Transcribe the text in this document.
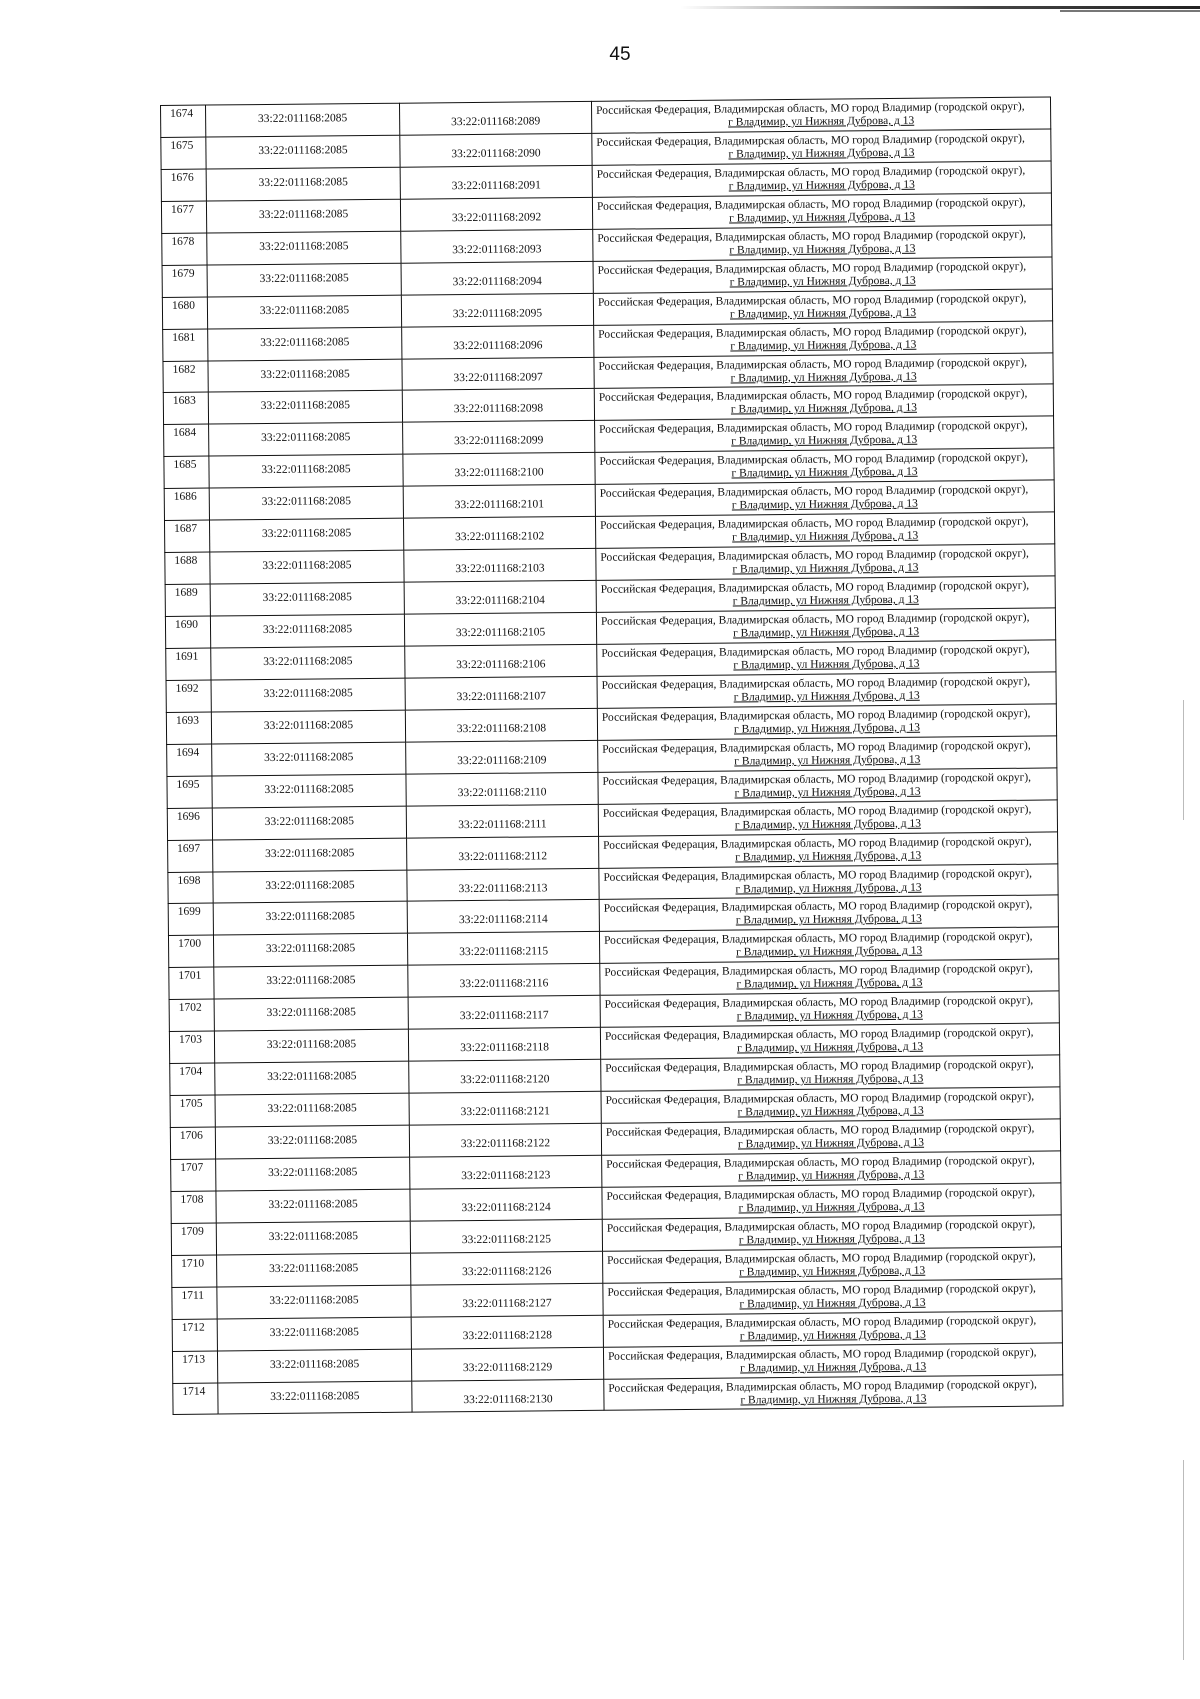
45
1674	33:22:011168:2085	33:22:011168:2089	Российская Федерация, Владимирская область, МО город Владимир (городской округ),
г Владимир, ул Нижняя Дуброва, д 13

1675	33:22:011168:2085	33:22:011168:2090	Российская Федерация, Владимирская область, МО город Владимир (городской округ),
г Владимир, ул Нижняя Дуброва, д 13

1676	33:22:011168:2085	33:22:011168:2091	Российская Федерация, Владимирская область, МО город Владимир (городской округ),
г Владимир, ул Нижняя Дуброва, д 13

1677	33:22:011168:2085	33:22:011168:2092	Российская Федерация, Владимирская область, МО город Владимир (городской округ),
г Владимир, ул Нижняя Дуброва, д 13

1678	33:22:011168:2085	33:22:011168:2093	Российская Федерация, Владимирская область, МО город Владимир (городской округ),
г Владимир, ул Нижняя Дуброва, д 13

1679	33:22:011168:2085	33:22:011168:2094	Российская Федерация, Владимирская область, МО город Владимир (городской округ),
г Владимир, ул Нижняя Дуброва, д 13

1680	33:22:011168:2085	33:22:011168:2095	Российская Федерация, Владимирская область, МО город Владимир (городской округ),
г Владимир, ул Нижняя Дуброва, д 13

1681	33:22:011168:2085	33:22:011168:2096	Российская Федерация, Владимирская область, МО город Владимир (городской округ),
г Владимир, ул Нижняя Дуброва, д 13

1682	33:22:011168:2085	33:22:011168:2097	Российская Федерация, Владимирская область, МО город Владимир (городской округ),
г Владимир, ул Нижняя Дуброва, д 13

1683	33:22:011168:2085	33:22:011168:2098	Российская Федерация, Владимирская область, МО город Владимир (городской округ),
г Владимир, ул Нижняя Дуброва, д 13

1684	33:22:011168:2085	33:22:011168:2099	Российская Федерация, Владимирская область, МО город Владимир (городской округ),
г Владимир, ул Нижняя Дуброва, д 13

1685	33:22:011168:2085	33:22:011168:2100	Российская Федерация, Владимирская область, МО город Владимир (городской округ),
г Владимир, ул Нижняя Дуброва, д 13

1686	33:22:011168:2085	33:22:011168:2101	Российская Федерация, Владимирская область, МО город Владимир (городской округ),
г Владимир, ул Нижняя Дуброва, д 13

1687	33:22:011168:2085	33:22:011168:2102	Российская Федерация, Владимирская область, МО город Владимир (городской округ),
г Владимир, ул Нижняя Дуброва, д 13

1688	33:22:011168:2085	33:22:011168:2103	Российская Федерация, Владимирская область, МО город Владимир (городской округ),
г Владимир, ул Нижняя Дуброва, д 13

1689	33:22:011168:2085	33:22:011168:2104	Российская Федерация, Владимирская область, МО город Владимир (городской округ),
г Владимир, ул Нижняя Дуброва, д 13

1690	33:22:011168:2085	33:22:011168:2105	Российская Федерация, Владимирская область, МО город Владимир (городской округ),
г Владимир, ул Нижняя Дуброва, д 13

1691	33:22:011168:2085	33:22:011168:2106	Российская Федерация, Владимирская область, МО город Владимир (городской округ),
г Владимир, ул Нижняя Дуброва, д 13

1692	33:22:011168:2085	33:22:011168:2107	Российская Федерация, Владимирская область, МО город Владимир (городской округ),
г Владимир, ул Нижняя Дуброва, д 13

1693	33:22:011168:2085	33:22:011168:2108	Российская Федерация, Владимирская область, МО город Владимир (городской округ),
г Владимир, ул Нижняя Дуброва, д 13

1694	33:22:011168:2085	33:22:011168:2109	Российская Федерация, Владимирская область, МО город Владимир (городской округ),
г Владимир, ул Нижняя Дуброва, д 13

1695	33:22:011168:2085	33:22:011168:2110	Российская Федерация, Владимирская область, МО город Владимир (городской округ),
г Владимир, ул Нижняя Дуброва, д 13

1696	33:22:011168:2085	33:22:011168:2111	Российская Федерация, Владимирская область, МО город Владимир (городской округ),
г Владимир, ул Нижняя Дуброва, д 13

1697	33:22:011168:2085	33:22:011168:2112	Российская Федерация, Владимирская область, МО город Владимир (городской округ),
г Владимир, ул Нижняя Дуброва, д 13

1698	33:22:011168:2085	33:22:011168:2113	Российская Федерация, Владимирская область, МО город Владимир (городской округ),
г Владимир, ул Нижняя Дуброва, д 13

1699	33:22:011168:2085	33:22:011168:2114	Российская Федерация, Владимирская область, МО город Владимир (городской округ),
г Владимир, ул Нижняя Дуброва, д 13

1700	33:22:011168:2085	33:22:011168:2115	Российская Федерация, Владимирская область, МО город Владимир (городской округ),
г Владимир, ул Нижняя Дуброва, д 13

1701	33:22:011168:2085	33:22:011168:2116	Российская Федерация, Владимирская область, МО город Владимир (городской округ),
г Владимир, ул Нижняя Дуброва, д 13

1702	33:22:011168:2085	33:22:011168:2117	Российская Федерация, Владимирская область, МО город Владимир (городской округ),
г Владимир, ул Нижняя Дуброва, д 13

1703	33:22:011168:2085	33:22:011168:2118	Российская Федерация, Владимирская область, МО город Владимир (городской округ),
г Владимир, ул Нижняя Дуброва, д 13

1704	33:22:011168:2085	33:22:011168:2120	Российская Федерация, Владимирская область, МО город Владимир (городской округ),
г Владимир, ул Нижняя Дуброва, д 13

1705	33:22:011168:2085	33:22:011168:2121	Российская Федерация, Владимирская область, МО город Владимир (городской округ),
г Владимир, ул Нижняя Дуброва, д 13

1706	33:22:011168:2085	33:22:011168:2122	Российская Федерация, Владимирская область, МО город Владимир (городской округ),
г Владимир, ул Нижняя Дуброва, д 13

1707	33:22:011168:2085	33:22:011168:2123	Российская Федерация, Владимирская область, МО город Владимир (городской округ),
г Владимир, ул Нижняя Дуброва, д 13

1708	33:22:011168:2085	33:22:011168:2124	Российская Федерация, Владимирская область, МО город Владимир (городской округ),
г Владимир, ул Нижняя Дуброва, д 13

1709	33:22:011168:2085	33:22:011168:2125	Российская Федерация, Владимирская область, МО город Владимир (городской округ),
г Владимир, ул Нижняя Дуброва, д 13

1710	33:22:011168:2085	33:22:011168:2126	Российская Федерация, Владимирская область, МО город Владимир (городской округ),
г Владимир, ул Нижняя Дуброва, д 13

1711	33:22:011168:2085	33:22:011168:2127	Российская Федерация, Владимирская область, МО город Владимир (городской округ),
г Владимир, ул Нижняя Дуброва, д 13

1712	33:22:011168:2085	33:22:011168:2128	Российская Федерация, Владимирская область, МО город Владимир (городской округ),
г Владимир, ул Нижняя Дуброва, д 13

1713	33:22:011168:2085	33:22:011168:2129	Российская Федерация, Владимирская область, МО город Владимир (городской округ),
г Владимир, ул Нижняя Дуброва, д 13

1714	33:22:011168:2085	33:22:011168:2130	Российская Федерация, Владимирская область, МО город Владимир (городской округ),
г Владимир, ул Нижняя Дуброва, д 13
